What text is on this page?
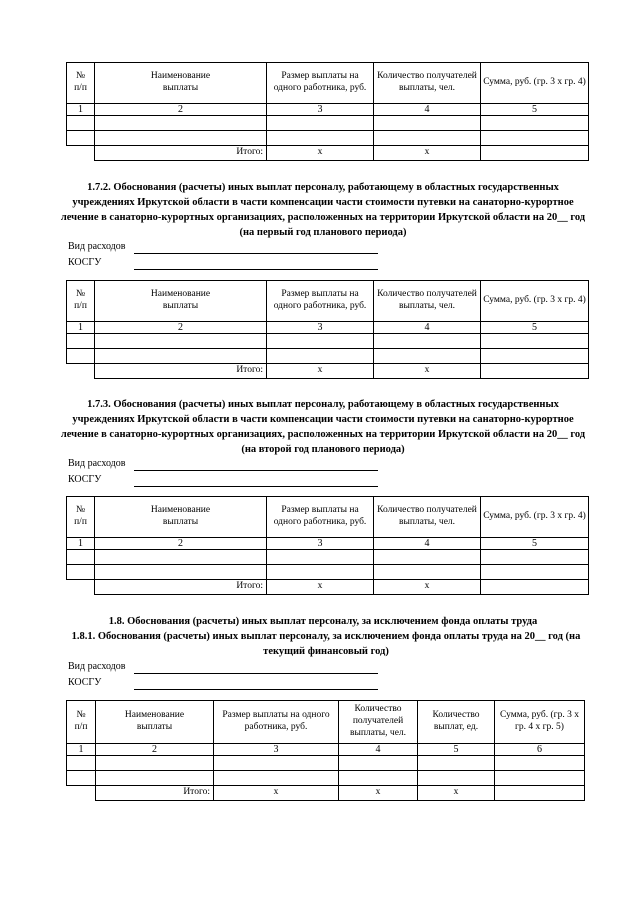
№
п/п	Наименование
выплаты	Размер выплаты на одного работника, руб.	Количество получателей выплаты, чел.	Сумма, руб. (гр. 3 x гр. 4)
1	2	3	4	5

	Итого:	x	x	
1.7.2. Обоснования (расчеты) иных выплат персоналу, работающему в областных государственных учреждениях Иркутской области в части компенсации части стоимости путевки на санаторно-курортное лечение в санаторно-курортных организациях, расположенных на территории Иркутской области на 20__ год (на первый год планового периода)
Вид расходов
КОСГУ
№
п/п	Наименование
выплаты	Размер выплаты на одного работника, руб.	Количество получателей выплаты, чел.	Сумма, руб. (гр. 3 x гр. 4)
1	2	3	4	5

	Итого:	x	x	
1.7.3. Обоснования (расчеты) иных выплат персоналу, работающему в областных государственных учреждениях Иркутской области в части компенсации части стоимости путевки на санаторно-курортное лечение в санаторно-курортных организациях, расположенных на территории Иркутской области на 20__ год (на второй год планового периода)
Вид расходов
КОСГУ
№
п/п	Наименование
выплаты	Размер выплаты на одного работника, руб.	Количество получателей выплаты, чел.	Сумма, руб. (гр. 3 x гр. 4)
1	2	3	4	5

	Итого:	x	x	
1.8. Обоснования (расчеты) иных выплат персоналу, за исключением фонда оплаты труда
1.8.1. Обоснования (расчеты) иных выплат персоналу, за исключением фонда оплаты труда на 20__ год (на текущий финансовый год)
Вид расходов
КОСГУ
№
п/п	Наименование
выплаты	Размер выплаты на одного работника, руб.	Количество получателей выплаты, чел.	Количество выплат, ед.	Сумма, руб. (гр. 3 x гр. 4 x гр. 5)
1	2	3	4	5	6

	Итого:	x	x	x	
